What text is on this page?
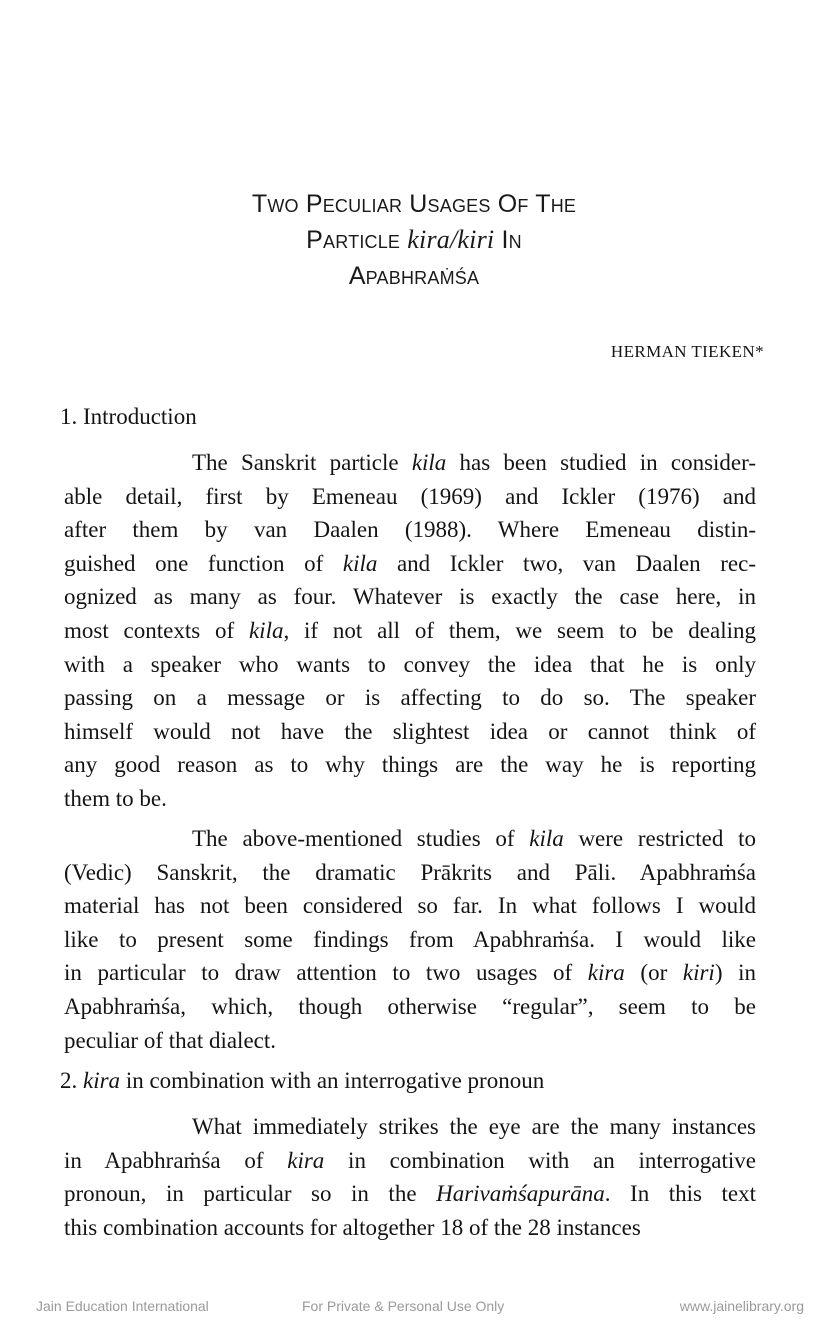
Two Peculiar Usages Of The
Particle kira/kiri In
Apabhraṁśa
HERMAN TIEKEN*
1. Introduction
The Sanskrit particle kila has been studied in consider-
able detail, first by Emeneau (1969) and Ickler (1976) and
after them by van Daalen (1988). Where Emeneau distin-
guished one function of kila and Ickler two, van Daalen rec-
ognized as many as four. Whatever is exactly the case here, in
most contexts of kila, if not all of them, we seem to be dealing
with a speaker who wants to convey the idea that he is only
passing on a message or is affecting to do so. The speaker
himself would not have the slightest idea or cannot think of
any good reason as to why things are the way he is reporting
them to be.
The above-mentioned studies of kila were restricted to
(Vedic) Sanskrit, the dramatic Prākrits and Pāli. Apabhraṁśa
material has not been considered so far. In what follows I would
like to present some findings from Apabhraṁśa. I would like
in particular to draw attention to two usages of kira (or kiri) in
Apabhraṁśa, which, though otherwise “regular”, seem to be
peculiar of that dialect.
2. kira in combination with an interrogative pronoun
What immediately strikes the eye are the many instances
in Apabhraṁśa of kira in combination with an interrogative
pronoun, in particular so in the Harivaṁśapurāna. In this text
this combination accounts for altogether 18 of the 28 instances
Jain Education International	For Private & Personal Use Only	www.jainelibrary.org
